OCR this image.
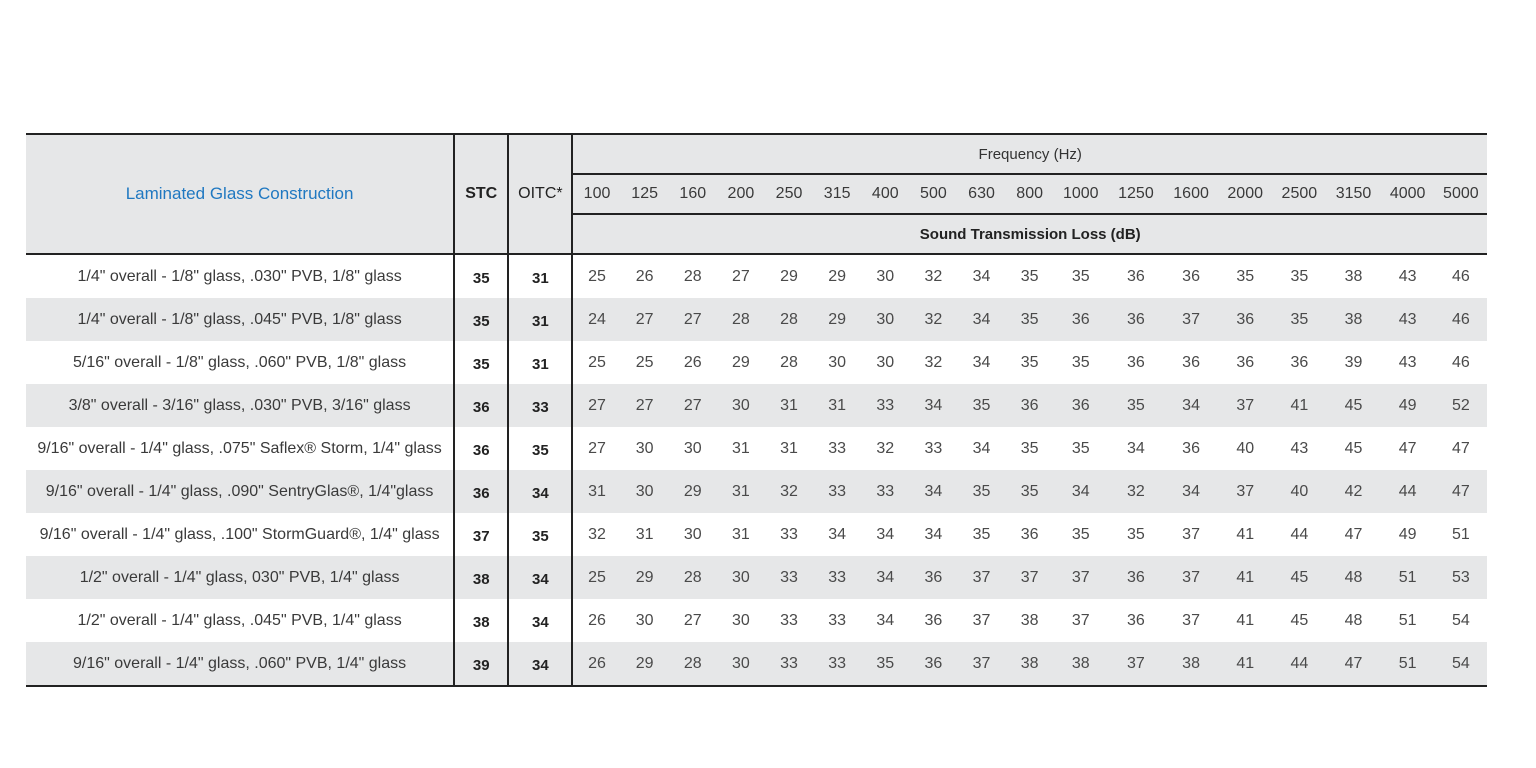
Laminated Glass Construction	STC	OITC*	Frequency (Hz)																	
			100	125	160	200	250	315	400	500	630	800	1000	1250	1600	2000	2500	3150	4000	5000
			Sound Transmission Loss (dB)																	
1/4" overall - 1/8" glass, .030" PVB, 1/8" glass	35	31	25	26	28	27	29	29	30	32	34	35	35	36	36	35	35	38	43	46
1/4" overall - 1/8" glass, .045" PVB, 1/8" glass	35	31	24	27	27	28	28	29	30	32	34	35	36	36	37	36	35	38	43	46
5/16" overall - 1/8" glass, .060" PVB, 1/8" glass	35	31	25	25	26	29	28	30	30	32	34	35	35	36	36	36	36	39	43	46
3/8" overall - 3/16" glass, .030" PVB, 3/16" glass	36	33	27	27	27	30	31	31	33	34	35	36	36	35	34	37	41	45	49	52
9/16" overall - 1/4" glass, .075" Saflex® Storm, 1/4" glass	36	35	27	30	30	31	31	33	32	33	34	35	35	34	36	40	43	45	47	47
9/16" overall - 1/4" glass, .090" SentryGlas®, 1/4"glass	36	34	31	30	29	31	32	33	33	34	35	35	34	32	34	37	40	42	44	47
9/16" overall - 1/4" glass, .100" StormGuard®, 1/4" glass	37	35	32	31	30	31	33	34	34	34	35	36	35	35	37	41	44	47	49	51
1/2" overall - 1/4" glass, 030" PVB, 1/4" glass	38	34	25	29	28	30	33	33	34	36	37	37	37	36	37	41	45	48	51	53
1/2" overall - 1/4" glass, .045" PVB, 1/4" glass	38	34	26	30	27	30	33	33	34	36	37	38	37	36	37	41	45	48	51	54
9/16" overall - 1/4" glass, .060" PVB, 1/4" glass	39	34	26	29	28	30	33	33	35	36	37	38	38	37	38	41	44	47	51	54
